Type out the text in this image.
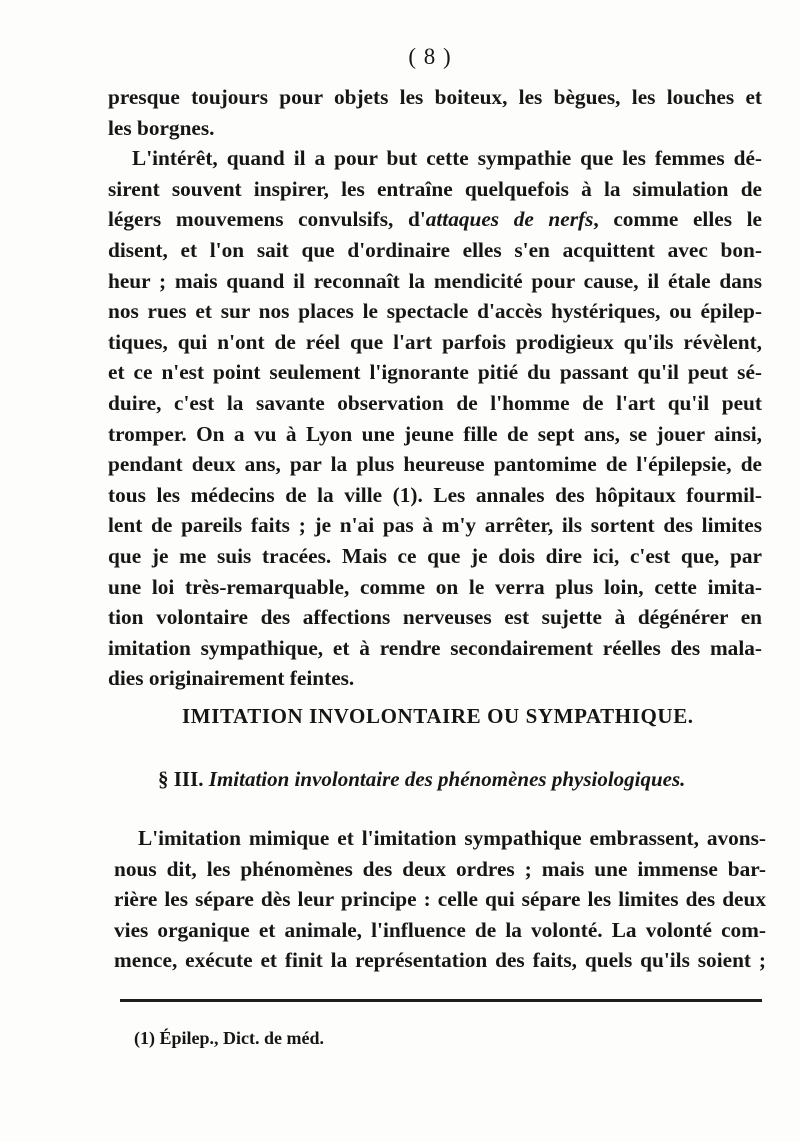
( 8 )

presque toujours pour objets les boiteux, les bègues, les louches et
les borgnes.

L'intérêt, quand il a pour but cette sympathie que les femmes dé-
sirent souvent inspirer, les entraîne quelquefois à la simulation de
légers mouvemens convulsifs, d'attaques de nerfs, comme elles le
disent, et l'on sait que d'ordinaire elles s'en acquittent avec bon-
heur ; mais quand il reconnaît la mendicité pour cause, il étale dans
nos rues et sur nos places le spectacle d'accès hystériques, ou épilep-
tiques, qui n'ont de réel que l'art parfois prodigieux qu'ils révèlent,
et ce n'est point seulement l'ignorante pitié du passant qu'il peut sé-
duire, c'est la savante observation de l'homme de l'art qu'il peut
tromper. On a vu à Lyon une jeune fille de sept ans, se jouer ainsi,
pendant deux ans, par la plus heureuse pantomime de l'épilepsie, de
tous les médecins de la ville (1). Les annales des hôpitaux fourmil-
lent de pareils faits ; je n'ai pas à m'y arrêter, ils sortent des limites
que je me suis tracées. Mais ce que je dois dire ici, c'est que, par
une loi très-remarquable, comme on le verra plus loin, cette imita-
tion volontaire des affections nerveuses est sujette à dégénérer en
imitation sympathique, et à rendre secondairement réelles des mala-
dies originairement feintes.

IMITATION INVOLONTAIRE OU SYMPATHIQUE.
§ III. Imitation involontaire des phénomènes physiologiques.

L'imitation mimique et l'imitation sympathique embrassent, avons-
nous dit, les phénomènes des deux ordres ; mais une immense bar-
rière les sépare dès leur principe : celle qui sépare les limites des deux
vies organique et animale, l'influence de la volonté. La volonté com-
mence, exécute et finit la représentation des faits, quels qu'ils soient ;

(1) Épilep., Dict. de méd.
